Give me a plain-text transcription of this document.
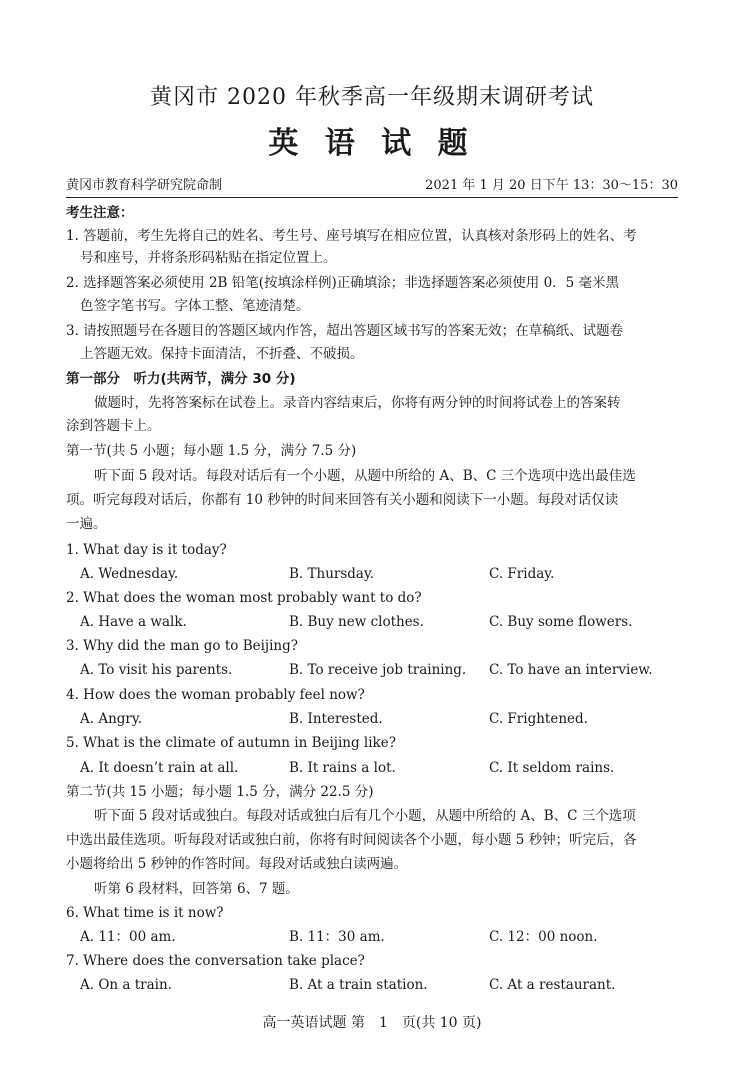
黄冈市 2020 年秋季高一年级期末调研考试
英 语 试 题
黄冈市教育科学研究院命制	2021 年 1 月 20 日下午 13：30～15：30
考生注意：
1. 答题前，考生先将自己的姓名、考生号、座号填写在相应位置，认真核对条形码上的姓名、考
号和座号，并将条形码粘贴在指定位置上。
2. 选择题答案必须使用 2B 铅笔(按填涂样例)正确填涂；非选择题答案必须使用 0．5 毫米黑
色签字笔书写。字体工整、笔迹清楚。
3. 请按照题号在各题目的答题区域内作答，超出答题区域书写的答案无效；在草稿纸、试题卷
上答题无效。保持卡面清洁，不折叠、不破损。
第一部分　听力(共两节，满分 30 分)
做题时，先将答案标在试卷上。录音内容结束后，你将有两分钟的时间将试卷上的答案转
涂到答题卡上。
第一节(共 5 小题；每小题 1.5 分，满分 7.5 分)
听下面 5 段对话。每段对话后有一个小题，从题中所给的 A、B、C 三个选项中选出最佳选
项。听完每段对话后，你都有 10 秒钟的时间来回答有关小题和阅读下一小题。每段对话仅读
一遍。
1. What day is it today?
A. Wednesday.	B. Thursday.	C. Friday.
2. What does the woman most probably want to do?
A. Have a walk.	B. Buy new clothes.	C. Buy some flowers.
3. Why did the man go to Beijing?
A. To visit his parents.	B. To receive job training. C. To have an interview.
4. How does the woman probably feel now?
A. Angry.	B. Interested.	C. Frightened.
5. What is the climate of autumn in Beijing like?
A. It doesn’t rain at all.	B. It rains a lot.	C. It seldom rains.
第二节(共 15 小题；每小题 1.5 分，满分 22.5 分)
听下面 5 段对话或独白。每段对话或独白后有几个小题，从题中所给的 A、B、C 三个选项
中选出最佳选项。听每段对话或独白前，你将有时间阅读各个小题，每小题 5 秒钟；听完后，各
小题将给出 5 秒钟的作答时间。每段对话或独白读两遍。
听第 6 段材料，回答第 6、7 题。
6. What time is it now?
A. 11：00 am.	B. 11：30 am.	C. 12：00 noon.
7. Where does the conversation take place?
A. On a train.	B. At a train station.	C. At a restaurant.
高一英语试题 第　1　页(共 10 页)
